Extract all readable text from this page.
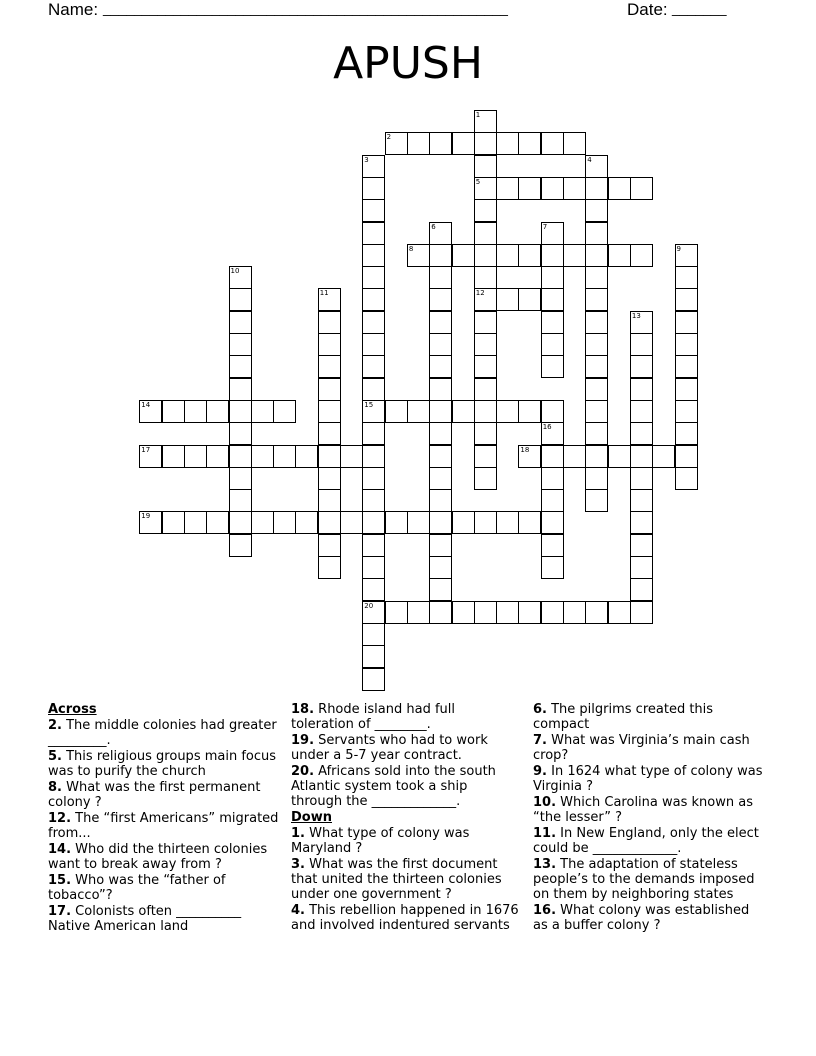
Name: ____________________________________________________	Date: _______
APUSH
1
5
12
2
3
15
20
4
6	7
8	9
10
11
13
14
16
17	18
19

Across

2. The middle colonies had greater _________.

5. This religious groups main focus was to purify the church

8. What was the first permanent colony ?

12. The “first Americans” migrated from...

14. Who did the thirteen colonies want to break away from ?

15. Who was the “father of tobacco”?

17. Colonists often __________ Native American land

18. Rhode island had full toleration of ________.

19. Servants who had to work under a 5-7 year contract.

20. Africans sold into the south Atlantic system took a ship through the _____________.

Down

1. What type of colony was Maryland ?

3. What was the first document that united the thirteen colonies under one government ?

4. This rebellion happened in 1676 and involved indentured servants

6. The pilgrims created this compact

7. What was Virginia’s main cash crop?

9. In 1624 what type of colony was Virginia ?

10. Which Carolina was known as “the lesser” ?

11. In New England, only the elect could be _____________.

13. The adaptation of stateless people’s to the demands imposed on them by neighboring states

16. What colony was established as a buffer colony ?
